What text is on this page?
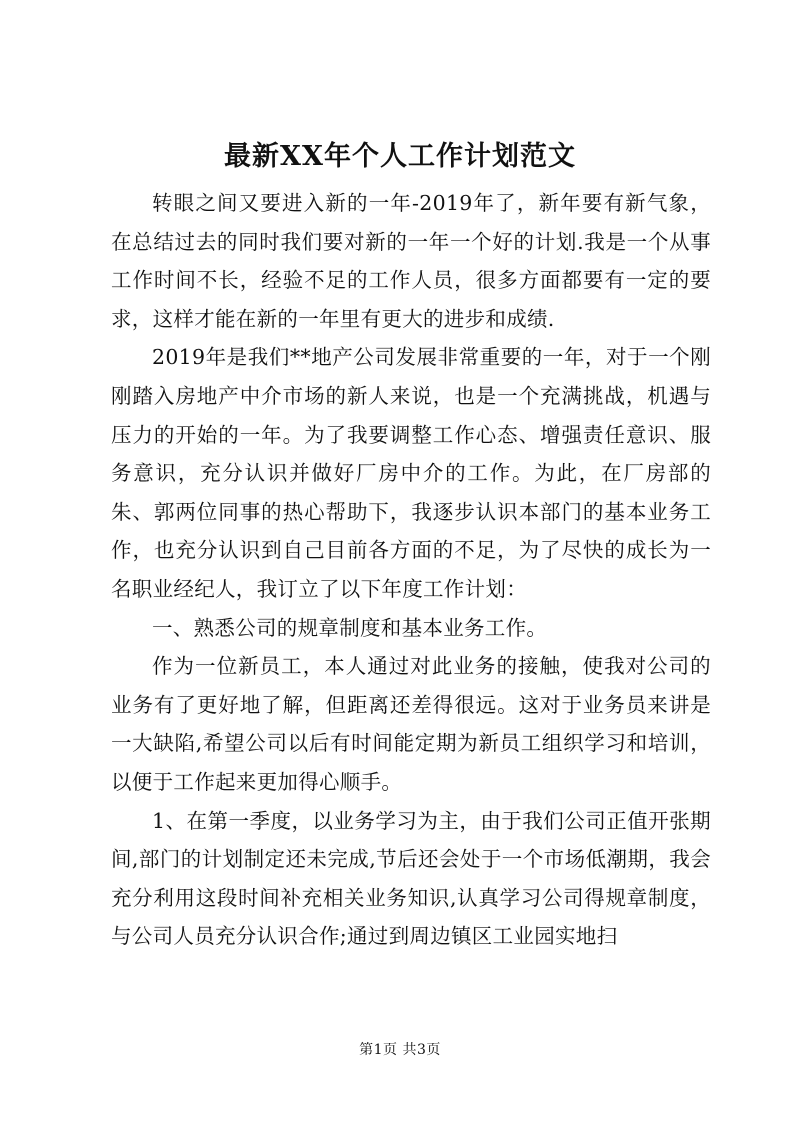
最新XX年个人工作计划范文

转眼之间又要进入新的一年-2019年了，新年要有新气象，在总结过去的同时我们要对新的一年一个好的计划.我是一个从事工作时间不长，经验不足的工作人员，很多方面都要有一定的要求，这样才能在新的一年里有更大的进步和成绩.

2019年是我们**地产公司发展非常重要的一年，对于一个刚刚踏入房地产中介市场的新人来说，也是一个充满挑战，机遇与压力的开始的一年。为了我要调整工作心态、增强责任意识、服务意识，充分认识并做好厂房中介的工作。为此，在厂房部的朱、郭两位同事的热心帮助下，我逐步认识本部门的基本业务工作，也充分认识到自己目前各方面的不足，为了尽快的成长为一名职业经纪人，我订立了以下年度工作计划：

一、熟悉公司的规章制度和基本业务工作。

作为一位新员工，本人通过对此业务的接触，使我对公司的业务有了更好地了解，但距离还差得很远。这对于业务员来讲是一大缺陷,希望公司以后有时间能定期为新员工组织学习和培训，以便于工作起来更加得心顺手。

1、在第一季度，以业务学习为主，由于我们公司正值开张期间,部门的计划制定还未完成,节后还会处于一个市场低潮期，我会充分利用这段时间补充相关业务知识,认真学习公司得规章制度，与公司人员充分认识合作;通过到周边镇区工业园实地扫

第1页 共3页
